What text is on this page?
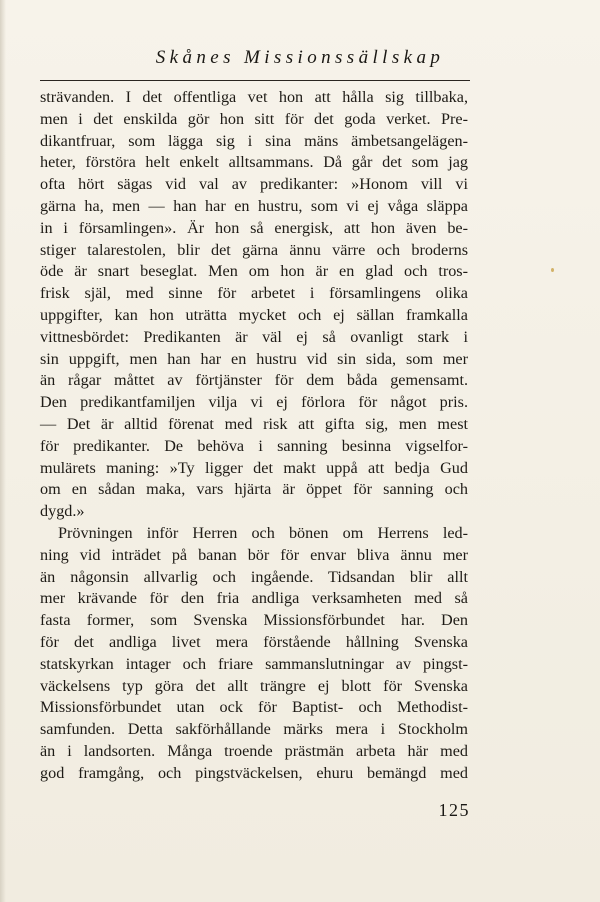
Skånes Missionssällskap
strävanden. I det offentliga vet hon att hålla sig tillbaka,
men i det enskilda gör hon sitt för det goda verket. Pre-
dikantfruar, som lägga sig i sina mäns ämbetsangelägen-
heter, förstöra helt enkelt alltsammans. Då går det som jag
ofta hört sägas vid val av predikanter: »Honom vill vi
gärna ha, men — han har en hustru, som vi ej våga släppa
in i församlingen». Är hon så energisk, att hon även be-
stiger talarestolen, blir det gärna ännu värre och broderns
öde är snart beseglat. Men om hon är en glad och tros-
frisk själ, med sinne för arbetet i församlingens olika
uppgifter, kan hon uträtta mycket och ej sällan framkalla
vittnesbördet: Predikanten är väl ej så ovanligt stark i
sin uppgift, men han har en hustru vid sin sida, som mer
än rågar måttet av förtjänster för dem båda gemensamt.
Den predikantfamiljen vilja vi ej förlora för något pris.
— Det är alltid förenat med risk att gifta sig, men mest
för predikanter. De behöva i sanning besinna vigselfor-
mulärets maning: »Ty ligger det makt uppå att bedja Gud
om en sådan maka, vars hjärta är öppet för sanning och
dygd.»
Prövningen inför Herren och bönen om Herrens led-
ning vid inträdet på banan bör för envar bliva ännu mer
än någonsin allvarlig och ingående. Tidsandan blir allt
mer krävande för den fria andliga verksamheten med så
fasta former, som Svenska Missionsförbundet har. Den
för det andliga livet mera förstående hållning Svenska
statskyrkan intager och friare sammanslutningar av pingst-
väckelsens typ göra det allt trängre ej blott för Svenska
Missionsförbundet utan ock för Baptist- och Methodist-
samfunden. Detta sakförhållande märks mera i Stockholm
än i landsorten. Många troende prästmän arbeta här med
god framgång, och pingstväckelsen, ehuru bemängd med
125
